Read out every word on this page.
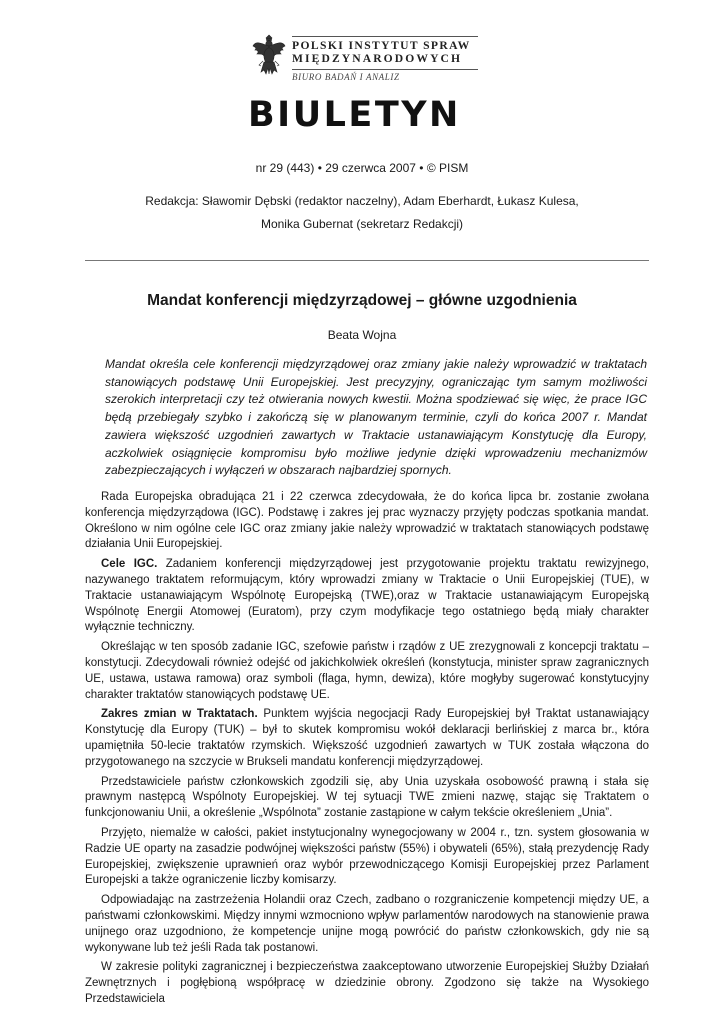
POLSKI INSTYTUT SPRAW
MIĘDZYNARODOWYCH
BIURO BADAŃ I ANALIZ
BIULETYN
nr 29 (443) • 29 czerwca 2007 • © PISM
Redakcja: Sławomir Dębski (redaktor naczelny), Adam Eberhardt, Łukasz Kulesa,
Monika Gubernat (sekretarz Redakcji)
Mandat konferencji międzyrządowej – główne uzgodnienia
Beata Wojna
Mandat określa cele konferencji międzyrządowej oraz zmiany jakie należy wprowadzić w traktatach stanowiących podstawę Unii Europejskiej. Jest precyzyjny, ograniczając tym samym możliwości szerokich interpretacji czy też otwierania nowych kwestii. Można spodziewać się więc, że prace IGC będą przebiegały szybko i zakończą się w planowanym terminie, czyli do końca 2007 r. Mandat zawiera większość uzgodnień zawartych w Traktacie ustanawiającym Konstytucję dla Europy, aczkolwiek osiągnięcie kompromisu było możliwe jedynie dzięki wprowadzeniu mechanizmów zabezpieczających i wyłączeń w obszarach najbardziej spornych.

Rada Europejska obradująca 21 i 22 czerwca zdecydowała, że do końca lipca br. zostanie zwołana konferencja międzyrządowa (IGC). Podstawę i zakres jej prac wyznaczy przyjęty podczas spotkania mandat. Określono w nim ogólne cele IGC oraz zmiany jakie należy wprowadzić w traktatach stanowiących podstawę działania Unii Europejskiej.

Cele IGC. Zadaniem konferencji międzyrządowej jest przygotowanie projektu traktatu rewizyjnego, nazywanego traktatem reformującym, który wprowadzi zmiany w Traktacie o Unii Europejskiej (TUE), w Traktacie ustanawiającym Wspólnotę Europejską (TWE),oraz w Traktacie ustanawiającym Europejską Wspólnotę Energii Atomowej (Euratom), przy czym modyfikacje tego ostatniego będą miały charakter wyłącznie techniczny.

Określając w ten sposób zadanie IGC, szefowie państw i rządów z UE zrezygnowali z koncepcji traktatu – konstytucji. Zdecydowali również odejść od jakichkolwiek określeń (konstytucja, minister spraw zagranicznych UE, ustawa, ustawa ramowa) oraz symboli (flaga, hymn, dewiza), które mogłyby sugerować konstytucyjny charakter traktatów stanowiących podstawę UE.

Zakres zmian w Traktatach. Punktem wyjścia negocjacji Rady Europejskiej był Traktat ustanawiający Konstytucję dla Europy (TUK) – był to skutek kompromisu wokół deklaracji berlińskiej z marca br., która upamiętniła 50-lecie traktatów rzymskich. Większość uzgodnień zawartych w TUK została włączona do przygotowanego na szczycie w Brukseli mandatu konferencji międzyrządowej.

Przedstawiciele państw członkowskich zgodzili się, aby Unia uzyskała osobowość prawną i stała się prawnym następcą Wspólnoty Europejskiej. W tej sytuacji TWE zmieni nazwę, stając się Traktatem o funkcjonowaniu Unii, a określenie „Wspólnota” zostanie zastąpione w całym tekście określeniem „Unia”.

Przyjęto, niemalże w całości, pakiet instytucjonalny wynegocjowany w 2004 r., tzn. system głosowania w Radzie UE oparty na zasadzie podwójnej większości państw (55%) i obywateli (65%), stałą prezydencję Rady Europejskiej, zwiększenie uprawnień oraz wybór przewodniczącego Komisji Europejskiej przez Parlament Europejski a także ograniczenie liczby komisarzy.

Odpowiadając na zastrzeżenia Holandii oraz Czech, zadbano o rozgraniczenie kompetencji między UE, a państwami członkowskimi. Między innymi wzmocniono wpływ parlamentów narodowych na stanowienie prawa unijnego oraz uzgodniono, że kompetencje unijne mogą powrócić do państw członkowskich, gdy nie są wykonywane lub też jeśli Rada tak postanowi.

W zakresie polityki zagranicznej i bezpieczeństwa zaakceptowano utworzenie Europejskiej Służby Działań Zewnętrznych i pogłębioną współpracę w dziedzinie obrony. Zgodzono się także na Wysokiego Przedstawiciela
